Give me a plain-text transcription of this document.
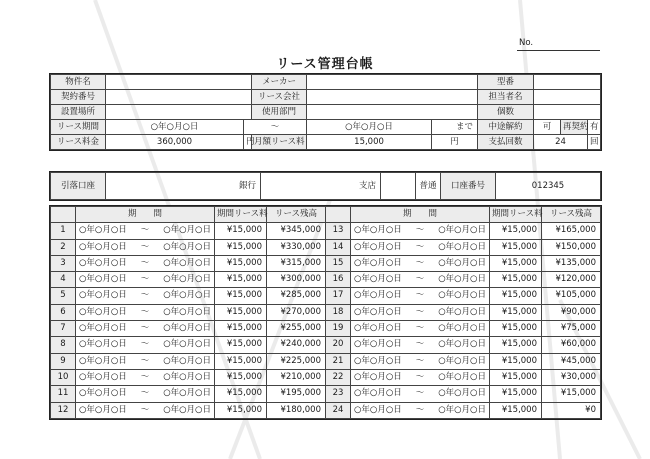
No.
リース管理台帳
物件名			メーカー			型番			
契約番号			リース会社			担当者名			
設置場所			使用部門			個数			
リース期間	○年○月○日	〜		○年○月○日	まで	中途解約	可	再契約	有
リース料金	360,000	円	月額リース料	15,000	円	支払回数	24		回
引落口座	銀行	支店		普通	口座番号	012345
	期　　間	期間リース料	リース残高		期　　間	期間リース料	リース残高
1	○年○月○日 〜 ○年○月○日	¥15,000	¥345,000	13	○年○月○日 〜 ○年○月○日	¥15,000	¥165,000
2	○年○月○日 〜 ○年○月○日	¥15,000	¥330,000	14	○年○月○日 〜 ○年○月○日	¥15,000	¥150,000
3	○年○月○日 〜 ○年○月○日	¥15,000	¥315,000	15	○年○月○日 〜 ○年○月○日	¥15,000	¥135,000
4	○年○月○日 〜 ○年○月○日	¥15,000	¥300,000	16	○年○月○日 〜 ○年○月○日	¥15,000	¥120,000
5	○年○月○日 〜 ○年○月○日	¥15,000	¥285,000	17	○年○月○日 〜 ○年○月○日	¥15,000	¥105,000
6	○年○月○日 〜 ○年○月○日	¥15,000	¥270,000	18	○年○月○日 〜 ○年○月○日	¥15,000	¥90,000
7	○年○月○日 〜 ○年○月○日	¥15,000	¥255,000	19	○年○月○日 〜 ○年○月○日	¥15,000	¥75,000
8	○年○月○日 〜 ○年○月○日	¥15,000	¥240,000	20	○年○月○日 〜 ○年○月○日	¥15,000	¥60,000
9	○年○月○日 〜 ○年○月○日	¥15,000	¥225,000	21	○年○月○日 〜 ○年○月○日	¥15,000	¥45,000
10	○年○月○日 〜 ○年○月○日	¥15,000	¥210,000	22	○年○月○日 〜 ○年○月○日	¥15,000	¥30,000
11	○年○月○日 〜 ○年○月○日	¥15,000	¥195,000	23	○年○月○日 〜 ○年○月○日	¥15,000	¥15,000
12	○年○月○日 〜 ○年○月○日	¥15,000	¥180,000	24	○年○月○日 〜 ○年○月○日	¥15,000	¥0
